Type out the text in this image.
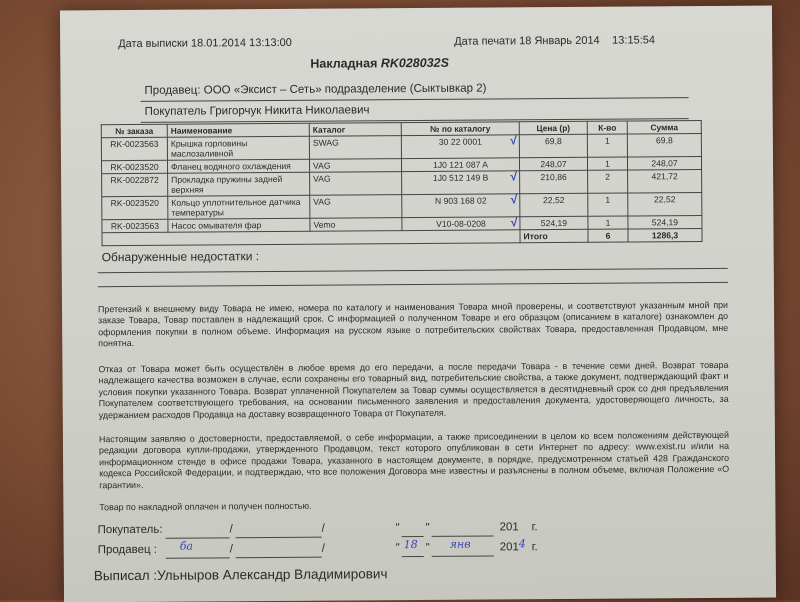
Дата выписки 18.01.2014 13:13:00	Дата печати 18 Январь 2014 13:15:54
Накладная RK028032S
Продавец: ООО «Эксист – Сеть» подразделение (Сыктывкар 2)
Покупатель Григорчук Никита Николаевич
№ заказа	Наименование	Каталог	№ по каталогу	Цена (р)	К-во	Сумма
RK-0023563	Крышка горловины маслозаливной	SWAG	30 22 0001 √	69,8	1	69,8
RK-0023520	Фланец водяного охлаждения	VAG	1J0 121 087 A	248,07	1	248,07
RK-0022872	Прокладка пружины задней верхняя	VAG	1J0 512 149 B √	210,86	2	421,72
RK-0023520	Кольцо уплотнительное датчика температуры	VAG	N 903 168 02 √	22,52	1	22,52
RK-0023563	Насос омывателя фар	Vemo	V10-08-0208 √	524,19	1	524,19
				Итого	6	1286,3
Обнаруженные недостатки :
Претензий к внешнему виду Товара не имею, номера по каталогу и наименования Товара мной проверены, и соответствуют указанным мной при заказе Товара, Товар поставлен в надлежащий срок. С информацией о полученном Товаре и его образцом (описанием в каталоге) ознакомлен до оформления покупки в полном объеме. Информация на русском языке о потребительских свойствах Товара, предоставленная Продавцом, мне понятна.
Отказ от Товара может быть осуществлён в любое время до его передачи, а после передачи Товара - в течение семи дней. Возврат товара надлежащего качества возможен в случае, если сохранены его товарный вид, потребительские свойства, а также документ, подтверждающий факт и условия покупки указанного Товара. Возврат уплаченной Покупателем за Товар суммы осуществляется в десятидневный срок со дня предъявления Покупателем соответствующего требования, на основании письменного заявления и предоставления документа, удостоверяющего личность, за удержанием расходов Продавца на доставку возвращенного Товара от Покупателя.
Настоящим заявляю о достоверности, предоставляемой, о себе информации, а также присоединении в целом ко всем положениям действующей редакции договора купли-продажи, утвержденного Продавцом, текст которого опубликован в сети Интернет по адресу: www.exist.ru и/или на информационном стенде в офисе продажи Товара, указанного в настоящем документе, в порядке, предусмотренном статьей 428 Гражданского кодекса Российской Федерации, и подтверждаю, что все положения Договора мне известны и разъяснены в полном объеме, включая Положение «О гарантии».
Товар по накладной оплачен и получен полностью.
Покупатель:	/	/	" "	201 г.
Продавец : ба	/	/	" 18 " янв	201 4 г.
Выписал :Ульныров Александр Владимирович
